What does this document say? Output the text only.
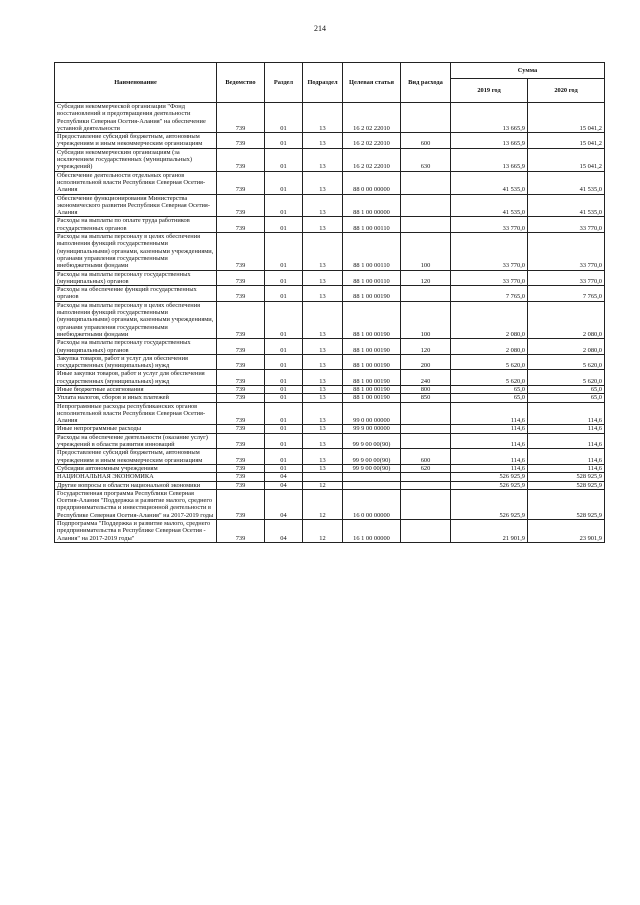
214
Наименование	Ведомство	Раздел	Подраздел	Целевая статья	Вид расхода	Сумма	
						2019 год	2020 год
Субсидии некоммерческой организации "Фонд восстановлений и предотвращения деятельности Республики Северная Осетия-Алания" на обеспечение уставной деятельности	739	01	13	16 2 02 22010		13 665,9	15 041,2
Предоставление субсидий бюджетным, автономным учреждениям и иным некоммерческим организациям	739	01	13	16 2 02 22010	600	13 665,9	15 041,2
Субсидии некоммерческим организациям (за исключением государственных (муниципальных) учреждений)	739	01	13	16 2 02 22010	630	13 665,9	15 041,2
Обеспечение деятельности отдельных органов исполнительной власти Республики Северная Осетия-Алания	739	01	13	88 0 00 00000		41 535,0	41 535,0
Обеспечение функционирования Министерства экономического развития Республики Северная Осетия-Алания	739	01	13	88 1 00 00000		41 535,0	41 535,0
Расходы на выплаты по оплате труда работников государственных органов	739	01	13	88 1 00 00110		33 770,0	33 770,0
Расходы на выплаты персоналу в целях обеспечения выполнения функций государственными (муниципальными) органами, казенными учреждениями, органами управления государственными внебюджетными фондами	739	01	13	88 1 00 00110	100	33 770,0	33 770,0
Расходы на выплаты персоналу государственных (муниципальных) органов	739	01	13	88 1 00 00110	120	33 770,0	33 770,0
Расходы на обеспечение функций государственных органов	739	01	13	88 1 00 00190		7 765,0	7 765,0
Расходы на выплаты персоналу в целях обеспечения выполнения функций государственными (муниципальными) органами, казенными учреждениями, органами управления государственными внебюджетными фондами	739	01	13	88 1 00 00190	100	2 080,0	2 080,0
Расходы на выплаты персоналу государственных (муниципальных) органов	739	01	13	88 1 00 00190	120	2 080,0	2 080,0
Закупка товаров, работ и услуг для обеспечения государственных (муниципальных) нужд	739	01	13	88 1 00 00190	200	5 620,0	5 620,0
Иные закупки товаров, работ и услуг для обеспечения государственных (муниципальных) нужд	739	01	13	88 1 00 00190	240	5 620,0	5 620,0
Иные бюджетные ассигнования	739	01	13	88 1 00 00190	800	65,0	65,0
Уплата налогов, сборов и иных платежей	739	01	13	88 1 00 00190	850	65,0	65,0
Непрограммные расходы республиканских органов исполнительной власти Республики Северная Осетия-Алания	739	01	13	99 0 00 00000		114,6	114,6
Иные непрограммные расходы	739	01	13	99 9 00 00000		114,6	114,6
Расходы на обеспечение деятельности (оказание услуг) учреждений в области развития инноваций	739	01	13	99 9 00 00(90)		114,6	114,6
Предоставление субсидий бюджетным, автономным учреждениям и иным некоммерческим организациям	739	01	13	99 9 00 00(90)	600	114,6	114,6
Субсидии автономным учреждениям	739	01	13	99 9 00 00(90)	620	114,6	114,6
НАЦИОНАЛЬНАЯ ЭКОНОМИКА	739	04				526 925,9	528 925,9
Другие вопросы в области национальной экономики	739	04	12			526 925,9	528 925,9
Государственная программа Республики Северная Осетия-Алания "Поддержка и развитие малого, среднего предпринимательства и инвестиционной деятельности в Республике Северная Осетия-Алания" на 2017-2019 годы	739	04	12	16 0 00 00000		526 925,9	528 925,9
Подпрограмма "Поддержка и развитие малого, среднего предпринимательства в Республике Северная Осетия - Алания" на 2017-2019 годы"	739	04	12	16 1 00 00000		21 901,9	23 901,9
